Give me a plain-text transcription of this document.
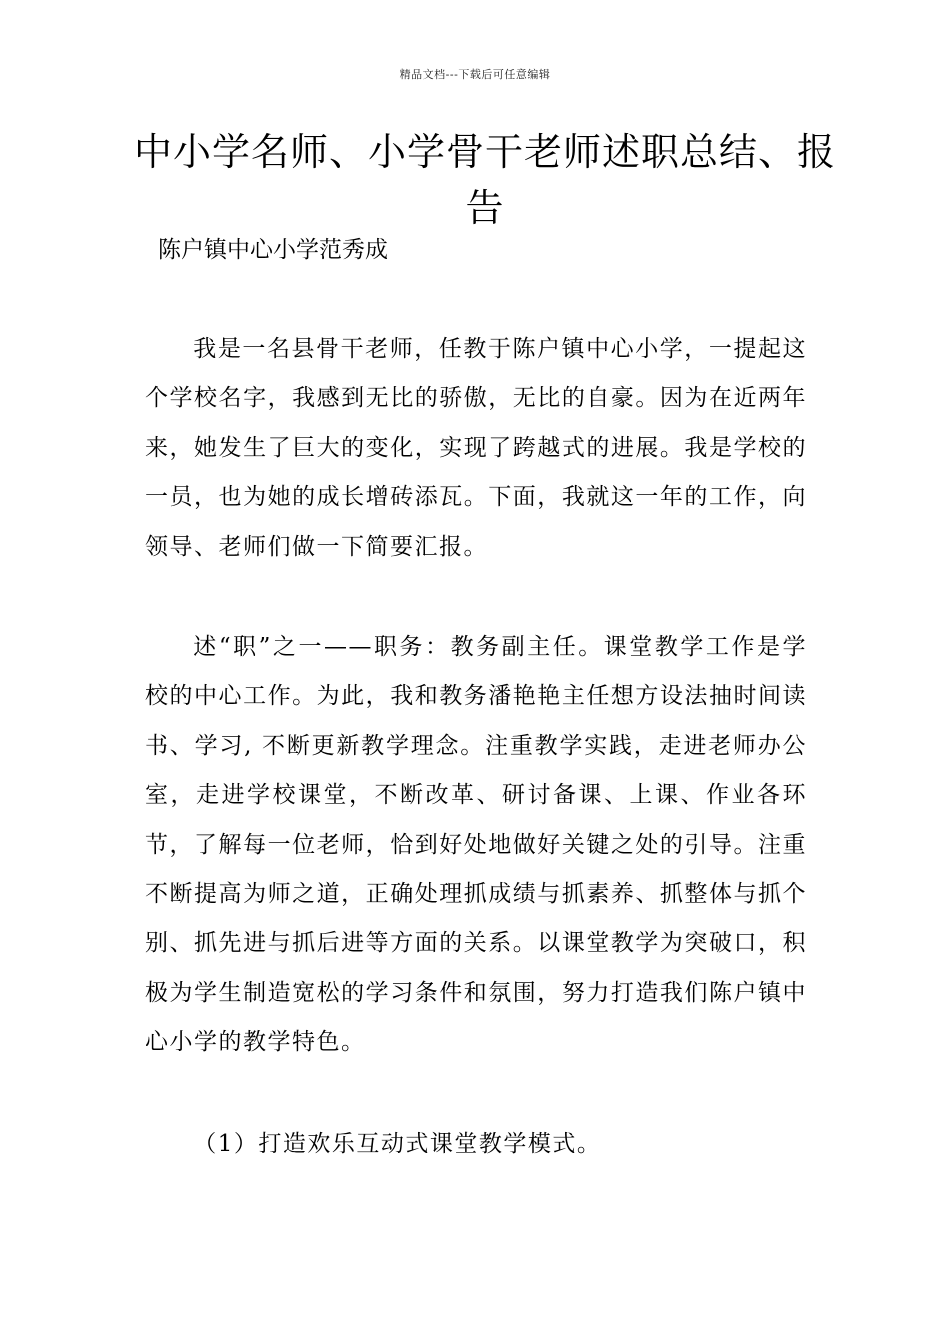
精品文档---下载后可任意编辑
中小学名师、小学骨干老师述职总结、报告
陈户镇中心小学范秀成

我是一名县骨干老师，任教于陈户镇中心小学，一提起这个学校名字，我感到无比的骄傲，无比的自豪。因为在近两年来，她发生了巨大的变化，实现了跨越式的进展。我是学校的一员，也为她的成长增砖添瓦。下面，我就这一年的工作，向领导、老师们做一下简要汇报。

述“职”之一——职务：教务副主任。课堂教学工作是学校的中心工作。为此，我和教务潘艳艳主任想方设法抽时间读书、学习, 不断更新教学理念。注重教学实践，走进老师办公室，走进学校课堂，不断改革、研讨备课、上课、作业各环节，了解每一位老师，恰到好处地做好关键之处的引导。注重不断提高为师之道，正确处理抓成绩与抓素养、抓整体与抓个别、抓先进与抓后进等方面的关系。以课堂教学为突破口，积极为学生制造宽松的学习条件和氛围，努力打造我们陈户镇中心小学的教学特色。

（1）打造欢乐互动式课堂教学模式。
